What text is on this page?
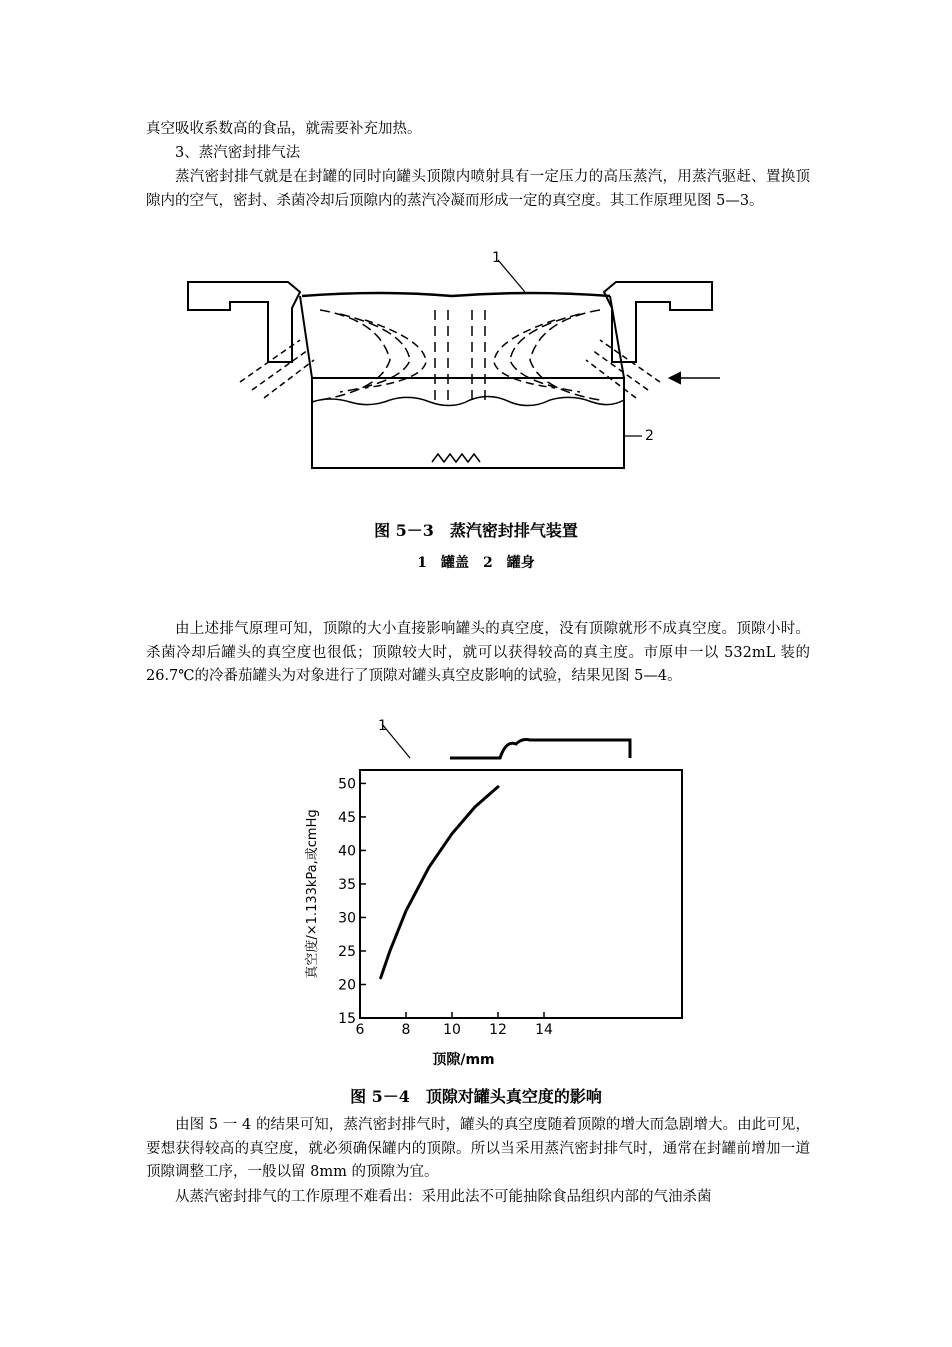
真空吸收系数高的食品，就需要补充加热。

3、蒸汽密封排气法

蒸汽密封排气就是在封罐的同时向罐头顶隙内喷射具有一定压力的高压蒸汽，用蒸汽驱赶、置换顶隙内的空气，密封、杀菌冷却后顶隙内的蒸汽冷凝而形成一定的真空度。其工作原理见图 5—3。

1
2
图 5－3　蒸汽密封排气装置
1　罐盖　2　罐身

由上述排气原理可知，顶隙的大小直接影响罐头的真空度，没有顶隙就形不成真空度。顶隙小时。杀菌冷却后罐头的真空度也很低；顶隙较大时，就可以获得较高的真主度。市原申一以 532mL 装的 26.7℃的冷番茄罐头为对象进行了顶隙对罐头真空皮影响的试验，结果见图 5—4。

1
15
20
25
30
35
40
45
50
6	8 10 12 14
真空度/×1.133kPa,或cmHg
顶隙/mm
图 5－4　顶隙对罐头真空度的影响

由图 5 一 4 的结果可知，蒸汽密封排气时，罐头的真空度随着顶隙的增大而急剧增大。由此可见，要想获得较高的真空度，就必须确保罐内的顶隙。所以当采用蒸汽密封排气时，通常在封罐前增加一道顶隙调整工序，一般以留 8mm 的顶隙为宜。

从蒸汽密封排气的工作原理不难看出：采用此法不可能抽除食品组织内部的气油杀菌
